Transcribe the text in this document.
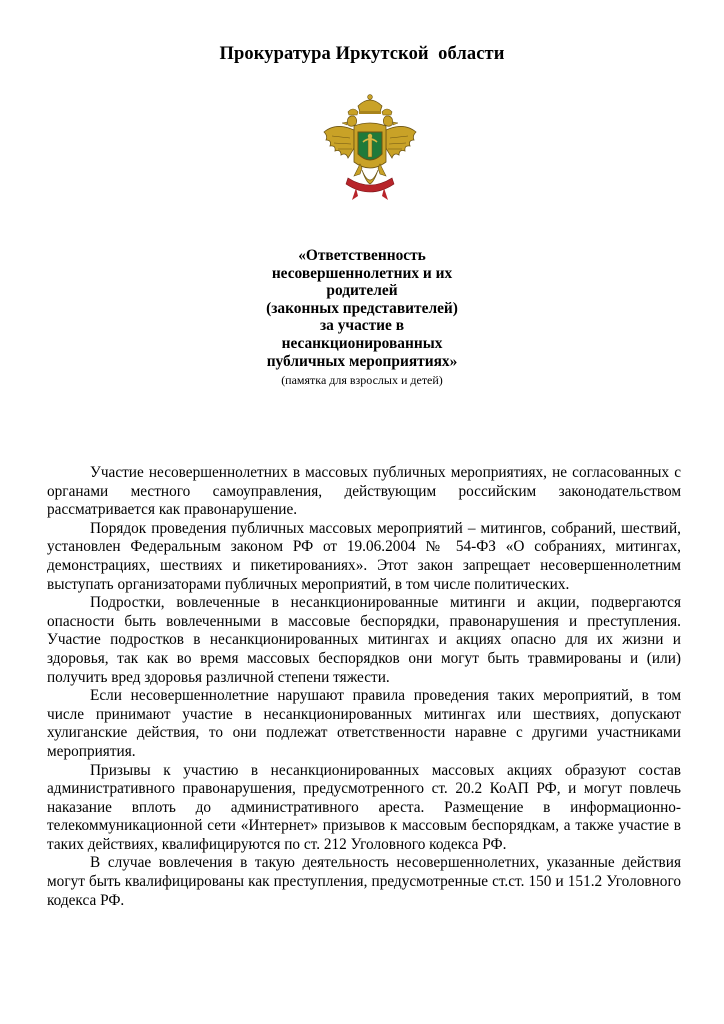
Прокуратура Иркутской  области
«Ответственность
несовершеннолетних и их
родителей
(законных представителей)
за участие в
несанкционированных
публичных мероприятиях»
(памятка для взрослых и детей)

Участие несовершеннолетних в массовых публичных мероприятиях, не согласованных с органами местного самоуправления, действующим российским законодательством рассматривается как правонарушение.

Порядок проведения публичных массовых мероприятий – митингов, собраний, шествий, установлен Федеральным законом РФ от 19.06.2004 № 54-ФЗ «О собраниях, митингах, демонстрациях, шествиях и пикетированиях». Этот закон запрещает несовершеннолетним выступать организаторами публичных мероприятий, в том числе политических.

Подростки, вовлеченные в несанкционированные митинги и акции, подвергаются опасности быть вовлеченными в массовые беспорядки, правонарушения и преступления. Участие подростков в несанкционированных митингах и акциях опасно для их жизни и здоровья, так как во время массовых беспорядков они могут быть травмированы и (или) получить вред здоровья различной степени тяжести.

Если несовершеннолетние нарушают правила проведения таких мероприятий, в том числе принимают участие в несанкционированных митингах или шествиях, допускают хулиганские действия, то они подлежат ответственности наравне с другими участниками мероприятия.

Призывы к участию в несанкционированных массовых акциях образуют состав административного правонарушения, предусмотренного ст. 20.2 КоАП РФ, и могут повлечь наказание вплоть до административного ареста. Размещение в информационно-телекоммуникационной сети «Интернет» призывов к массовым беспорядкам, а также участие в таких действиях, квалифицируются по ст. 212 Уголовного кодекса РФ.

В случае вовлечения в такую деятельность несовершеннолетних, указанные действия могут быть квалифицированы как преступления, предусмотренные ст.ст. 150 и 151.2 Уголовного кодекса РФ.
